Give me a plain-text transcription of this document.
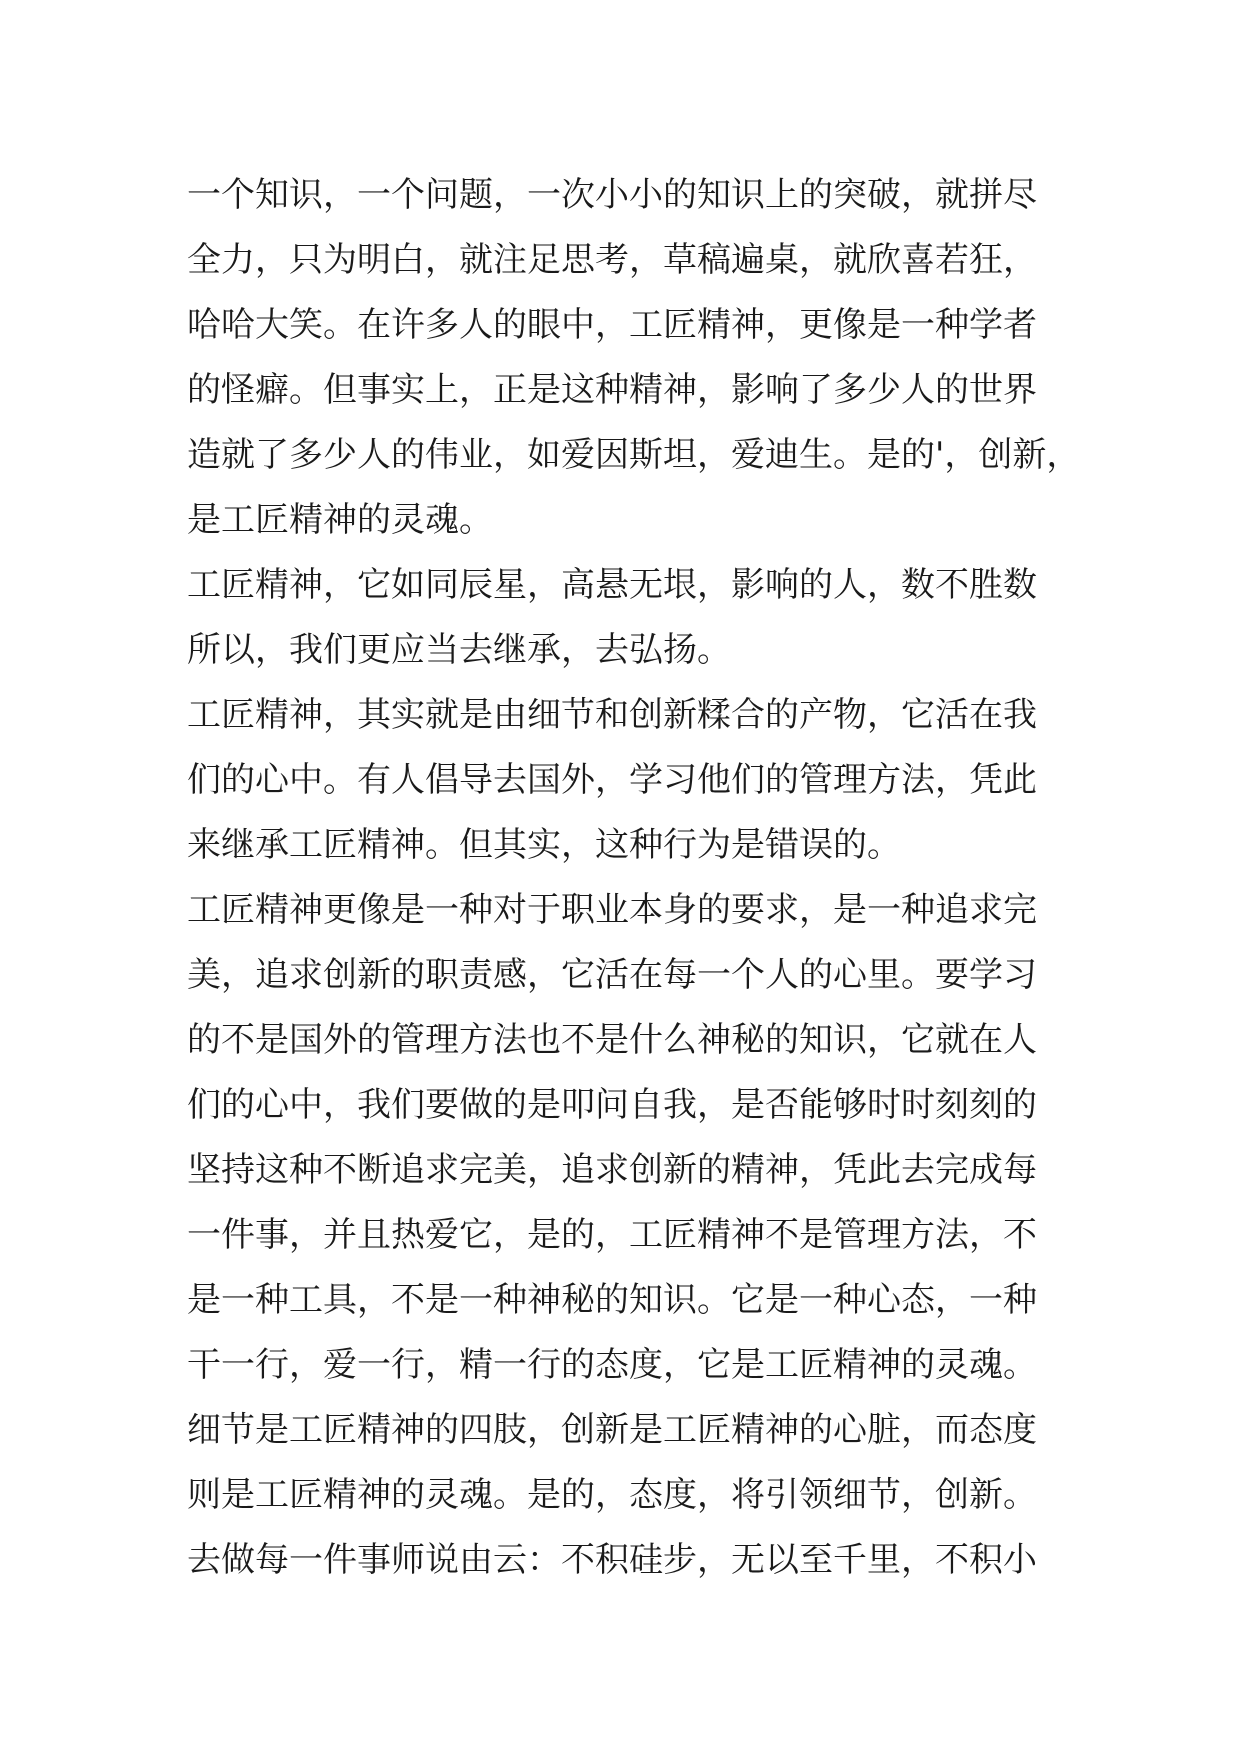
一个知识，一个问题，一次小小的知识上的突破，就拼尽
全力，只为明白，就注足思考，草稿遍桌，就欣喜若狂，
哈哈大笑。在许多人的眼中，工匠精神，更像是一种学者
的怪癖。但事实上，正是这种精神，影响了多少人的世界
造就了多少人的伟业，如爱因斯坦，爱迪生。是的'，创新，
是工匠精神的灵魂。
工匠精神，它如同辰星，高悬无垠，影响的人，数不胜数
所以，我们更应当去继承，去弘扬。
工匠精神，其实就是由细节和创新糅合的产物，它活在我
们的心中。有人倡导去国外，学习他们的管理方法，凭此
来继承工匠精神。但其实，这种行为是错误的。
工匠精神更像是一种对于职业本身的要求，是一种追求完
美，追求创新的职责感，它活在每一个人的心里。要学习
的不是国外的管理方法也不是什么神秘的知识，它就在人
们的心中，我们要做的是叩问自我，是否能够时时刻刻的
坚持这种不断追求完美，追求创新的精神，凭此去完成每
一件事，并且热爱它，是的，工匠精神不是管理方法，不
是一种工具，不是一种神秘的知识。它是一种心态，一种
干一行，爱一行，精一行的态度，它是工匠精神的灵魂。
细节是工匠精神的四肢，创新是工匠精神的心脏，而态度
则是工匠精神的灵魂。是的，态度，将引领细节，创新。
去做每一件事师说由云：不积硅步，无以至千里，不积小
